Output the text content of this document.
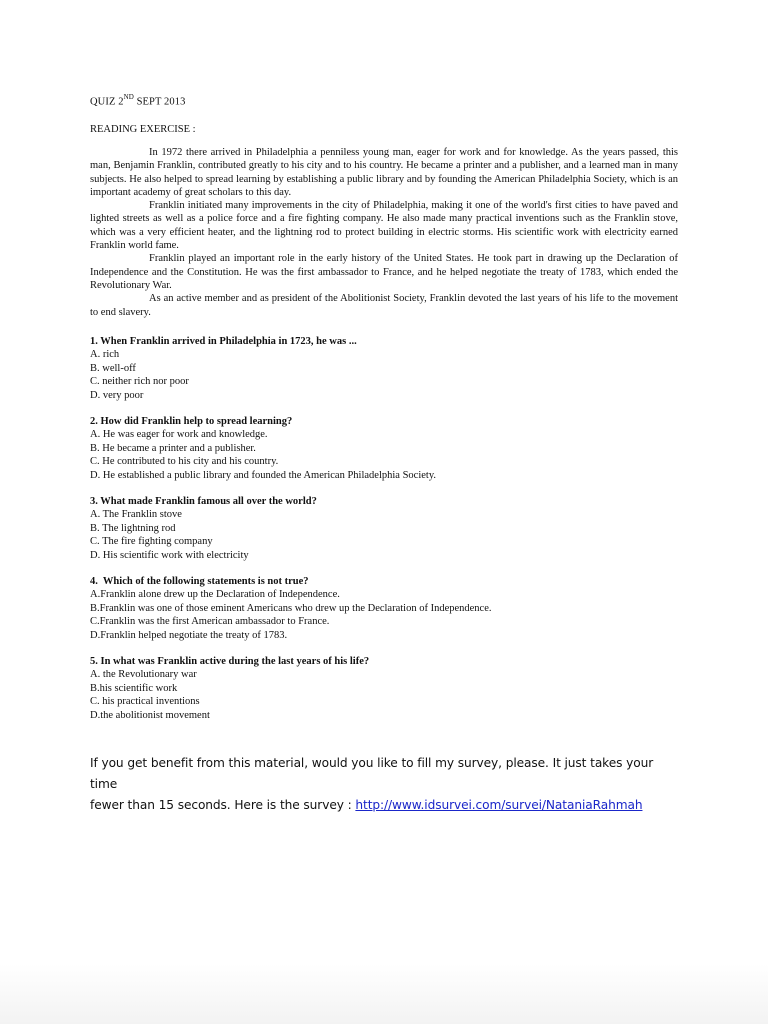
QUIZ 2ND SEPT 2013
READING EXERCISE :

In 1972 there arrived in Philadelphia a penniless young man, eager for work and for knowledge. As the years passed, this man, Benjamin Franklin, contributed greatly to his city and to his country. He became a printer and a publisher, and a learned man in many subjects. He also helped to spread learning by establishing a public library and by founding the American Philadelphia Society, which is an important academy of great scholars to this day.

Franklin initiated many improvements in the city of Philadelphia, making it one of the world's first cities to have paved and lighted streets as well as a police force and a fire fighting company. He also made many practical inventions such as the Franklin stove, which was a very efficient heater, and the lightning rod to protect building in electric storms. His scientific work with electricity earned Franklin world fame.

Franklin played an important role in the early history of the United States. He took part in drawing up the Declaration of Independence and the Constitution. He was the first ambassador to France, and he helped negotiate the treaty of 1783, which ended the Revolutionary War.

As an active member and as president of the Abolitionist Society, Franklin devoted the last years of his life to the movement to end slavery.

1. When Franklin arrived in Philadelphia in 1723, he was ...
A. rich
B. well-off
C. neither rich nor poor
D. very poor
2. How did Franklin help to spread learning?
A. He was eager for work and knowledge.
B. He became a printer and a publisher.
C. He contributed to his city and his country.
D. He established a public library and founded the American Philadelphia Society.
3. What made Franklin famous all over the world?
A. The Franklin stove
B. The lightning rod
C. The fire fighting company
D. His scientific work with electricity
4.  Which of the following statements is not true?
A.Franklin alone drew up the Declaration of Independence.
B.Franklin was one of those eminent Americans who drew up the Declaration of Independence.
C.Franklin was the first American ambassador to France.
D.Franklin helped negotiate the treaty of 1783.
5. In what was Franklin active during the last years of his life?
A. the Revolutionary war
B.his scientific work
C. his practical inventions
D.the abolitionist movement
If you get benefit from this material, would you like to fill my survey, please. It just takes your time
fewer than 15 seconds. Here is the survey : http://www.idsurvei.com/survei/NataniaRahmah
